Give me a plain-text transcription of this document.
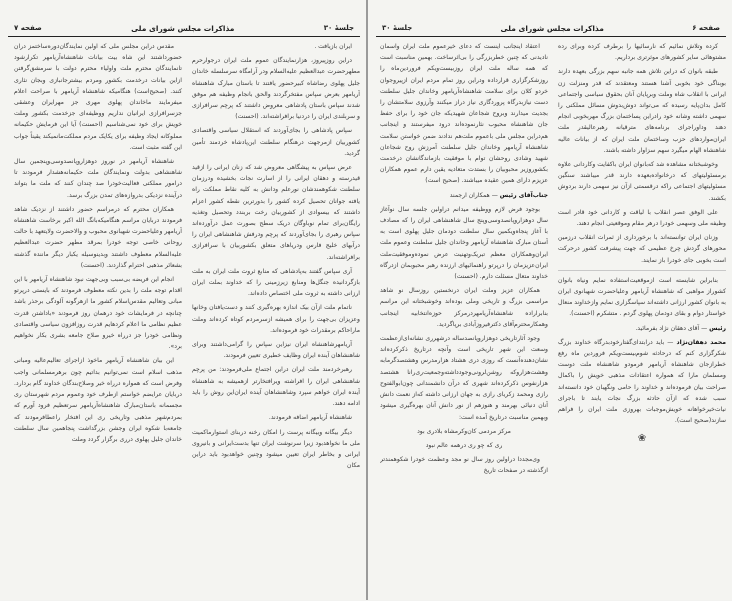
صفحه ۷	مذاکرات مجلس شورای ملی	جلسهٔ ۳۰

ایران بازیافت .

دراین روزپیروز، هزارنمایندگان عموم ملت ایران درجوارحرم مطهرحضرت عبدالعظیم علیه‌السلام ودر آرامگاه سرسلسله خاندان جلیل پهلوی رضاشاه کبیرحضور یافتند تا باستان مبارک شاهنشاه آریامهر بعرض سپاس مفتخرگردند والحق بانجام وظیفه هم موفق شدند سپاس باستان پادشاهی معروض داشتند که پرچم سرافرازی و سربلندی ایران را دردنیا برافراشته‌اند. (احسنت)

سپاس پادشاهی را بجای‌آوردند که استقلال سیاسی واقتصادی کشوربیان ازمرجهت درهنگام سلطنت این‌پادشاه خردمند تأمین گردید.

عرض سپاس به پیشگاهی معروض شد که زنان ایرانی را ازقید قیدرسته و دهقان ایرانی را از اسارت نجات بخشیده ودرزمان سلطنت شکوهمندشان نورعلم ودانش به کلیه نقاط مملکت راه یافته جوانان تحصیل کرده کشور را بدورترین نقطه کشور اعزام داشتند که بیسوادی از کشوربیان رخت بربندد وتحصیل وتغذیه رایگان‌برای تمام نوباوگان دریک سطح بصورت عمل درآورده‌اند سپاس رهبری را بجای‌آوردند که پرچم ودرفش شاهنشاهی ایران را درآبهای خلیج فارس ودریاهای متعلق بکشوربیان با سرافرازی برافراشته‌اند.

آری سپاس گفتند به‌پادشاهی که منابع ثروت ملت ایران به ملت بازگردانیده جنگل‌ها ومنابع زیرزمینی را که خداوند بملت ایران ارزانی داشته به ثروت ملی اختصاص داده‌اند.

ناتمام ملت ازآن بیک اندازه بهره‌گیری کنند و دست‌یافتان وخانها وعزیزان بی‌جهت را برای همیشه ازسرمردم کوتاه کرده‌اند وملت ماراحاکم برمقدرات خود فرموده‌اند.

آریامهرشاهنشاه ایران نیزاین سپاس را گرامی‌داشتند وبرای شاهنشاهان آینده ایران وظایف خطیری تعیین فرمودند.

رهبرخردمند ملت ایران دراین اجتماع ملی‌فرمودند: من پرچم شاهنشاهی ایران را افراشته ویرافتخارتر ازهمیشه به شاهنشاه آینده ایران خواهم سپرد وشاهنشاهان آینده ایران‌این روش را باید ادامه دهند.

شاهنشاه آریامهر اضافه فرمودند.

دیگر بیگانه وبیگانه پرست را امکان رخنه دربنای استوارماکمیت ملی ما نخواهدبود زیرا سرنوشت ایران تنها بدست‌ایرانی و بانیروی ایرانی و بخاطر ایران تعیین میشود وچنین خواهدبود باید دراین مکان

مقدس دراین مجلس ملی که اولین نمایندگان‌دوره‌ساختمز دران حضورداشتند این شاه بیت بیانات شاهنشاه‌آریامهر تکرارشود تانمایندگان محترم ملت واولیاء محترم دولت با سرمشق‌گرفتن ازاین بیانات درخدمت بکشور ومردم بیشترجانبازی وبجان نثاری کنند. (صحیح‌است) هنگامیکه شاهنشاه آریامهر با صراحت اعلام میفرمایند ماخاندان پهلوی مهری جز مهرایران وعشقی جزسرافرازی ایرانیان نداریم ووظیفه‌ای جزخدمت بکشور وملت خویش برای خود نمی‌شناسیم (احسنت) آیا این فرمایش حکیمانه مملوکانه ایجاد وظیفه برای یکایک مردم مملکت‌مانمیکند یقیناً جواب این گفته مثبت است.

شاهنشاه آریامهر در نوروز دوهزاروپانصدوسی‌وپنجمین سال شاهنشاهی بدولت ونمایندگان ملت حکیمانه‌هشدار فرمودند تا درامور مملکتی فعالیت‌خودرا صد چندان کنند که ملت ما بتواند درآینده نزدیکی بدروازه‌های تمدن بزرگ برسد.

همکاران محترم که درمراسم حضور داشتند از نزدیک شاهد فرمودند دربایان مراسم هنگامیکه‌بانگ الله اکبر برخاست شاهنشاه آریامهر وعلیاحضرت شهبانوی محبوب و والاحضرت ولایتعهد با حالت روحانی خاصی توجه خودرا بمرقد مطهر حضرت عبدالعظیم علیه‌السلام معطوف داشتند وبدینوسیله یکبار دیگر ماننده گذشته بشعائر مذهبی احترام گذاردند. (احسنت)

انجام این فریضه بی‌سبب وبی‌جهت نبود شاهنشاه آریامهر با این اقدام توجه ملت را بدین نکته معطوف فرمودند که بایستی درپرتو مبانی وتعالیم مقدس‌اسلام کشور ما ازهرگونه آلودگی برحذر باشد چنانچه در فرمایشات خود درهمان روز فرمودند «باداشتن قدرت عظیم نظامی ما اعلام کردهایم قدرت روزافزون سیاسی واقتصادی ونظامی خودرا جز درراه خیرو صلاح جامعه بشری بکار نخواهیم برد».

این بیان شاهنشاه آریامهر ماخوذ ازاجرای تعالیم‌عالیه ومبانی مذهب اسلام است نمی‌توانیم بداتیم چون برهرمسلمانی واجب وفرض است که همواره درراه خیر وصلاح‌بندگان خداوند گام بردارد. دربایان عرایضم خواستم ازطرف خود وعموم مردم شهرستان ری مجسمانه باستان‌مبارک شاهنشاه‌آریامهر سرتعظیم فرود آورم که بمردم‌شهر مذهبی وتاریخی ری این افتخار راعطافرمودند که جامعه‌با شکوه ایران وجشن بزرگداشت پنجاهمین سال سلطنت خاندان جلیل پهلوی درری برگزار گردد وملت

جلسهٔ ۳۰	مذاکرات مجلس شورای ملی	صفحه ۶

کرده وتلاش نمائیم که نارسائیها را برطرف کرده وبرای رده مشتوهائی سایر کشورهای موثرتری برداریم.

طبقه بانوان که دراین تلاش همه جانبه سهم بزرگی بعهده دارند بوبناگی خود بخوبی آشنا هستند ومعتقدند که قدر ومنزلت زن ایرانی با انقلاب شاه وملت وبرپایان آنان بحقوق سیاسی واجتماعی کامل بدان‌پایه رسیده که می‌تواند دوش‌بدوش مسائل مملکتی را سهمی داشته وشانه خود رادراین پساختمان بزرگ مهربخوبی انجام دهند وداوراجرای برنامه‌های مترقیانه رهبرعالیقدر ملت ایران‌مواردهای حزب وساختمان ملت ایران که از بیانات عالیه شاهنشاه الهام میگیرد سهم سزاوار داشته باشند.

وخوشبختانه مشاهده شد که‌بانوان ایران باکفایت وکاردانی علاوه برمسئولیتهای که درخانواده‌بعهده دارند قدر میباشند سنگین مسئولیتهای اجتماعی راکه درقسمتی ازآن نیز سهمی دارند بردوش بکشند.

علی الوفق عصر انقلاب با لیاقت و کاردانی خود قادر است وظیفه ملی وسهمی خودرا درهر مقام وموقعیتی انجام دهند.

وزنان ایران توانسته‌اند با برخورداری از ثمرات انقلاب درزمین محورهای گردش چرخ عظیمی که جهت پیشرفت کشور درحرکت است بخوبی جای خودرا باز نمایند.

بنابراین شایسته است ازموقعیت‌استفاده نمایم ونیاه بانوان کشوراز مواهبی که شاهنشاه آریامهر وعلیاحضرت شهبانوی ایران به بانوان کشور ارزانی داشته‌اند سپاسگزاری نمایم وازخداوند منعال خواستار دوام و بقای دودمان پهلوی گردم . متشکرم (احسنت).

رئیس — آقای دهقان نژاد بفرمائید.

محمد دهقان‌نژاد — باید درابتدای‌گفتارخودبدرگاه خداوند بزرگ شکرگزاری کنم که درحادثه شوم‌بیست‌ویکم فروردین ماه رفع خطرازجان شاهنشاه آریامهر فرمودو شاهنشاه ملت دوست ومسلمان مارا که همواره اعتقادات مذهبی خویش را باکمال صراحت بیان فرموده‌اند و خداوند را حامی ونگهبان خود دانسته‌اند سبب شده که ازآن حادثه بزرگ نجات یابند تا باجرای نیات‌خیرخواهانه خویش‌موجبات بهروزی ملت ایران را فراهم سازند(صحیح است).

❀

اعتقاد اینجانب اینست که دعای خیرعموم ملت ایران واسمان نادیدنی که چنین خطربزرگی را بی‌اثرساخت. بهمین مناسبت است که همه ساله ملت ایران روزبیست‌ویکم فروردین‌ماه را روزشکرگزاری قرارداده ودراین روز تمام مردم ایران ازپیروجوان خردو کلان برای سلامت شاهنشاه‌آریامهر وخاندان جلیل سلطنت دست نیازبدرگاه پروردگاری نیاز دراز میکنند وآرزوی سلامتشان را بجدیت میدارند وبروح شجاعان شهیدیکه جان خود را برای حفظ جان شاهنشاه محبوب نثارنموده‌اند درود میفرستند و اینجانب هم‌دراین مجلس ملی باعموم ملت‌هم ندادند ضمن خواستن سلامت شاهنشاه آریامهر وخاندان جلیل سلطنت آمرزش روح شجاعان شهید وشادی روحشان توام با موفقیت بازماندگانشان درخدمت بکشوروزیر محبوبیان را بستدت متعادیه یقین دارم عموم همکاران عزیزم دارای همین عقیده میباشند. (صحیح است)

جناب‌آقای رئیس — همکاران ارجمند

بوجود فرض لازم ووظیفه میدانم دراولین جلسه سال نوآغاز سال دوهزاروپانصدوسی‌وپنج سال شاهنشاهی ایران را که مصادف با آغاز پنجاه‌ویکمین سال سلطنت دودمان جلیل پهلوی است به آستان مبارک شاهنشاه آریامهر وخاندان جلیل سلطنت وعموم ملت ایران‌وهمکاران معظم تبریک‌وتهنیت عرض نموده‌وموفقیت‌ملت ایران‌عزیزمان را درپرتو راهنمائیهای ارزنده رهبر محبوبمان ازدرگاه خداوند متعال مسئلت دارم. (احسنت)

همکاران عزیز وملت ایران درنخستین روزسال نو شاهد مراسمی بزرگ و تاریخی وملی بوده‌اند وخوشبختانه این مراسم بنابراراده شاهنشاه‌آریامهردرمرکز حوزه‌انتخابیه اینجانب وهمکارمحترم‌آقای دکترفیروزآبادی برپاگردید.

وجود آثارتاریخی دوهزاروپانصدساله درشهرری نشانه‌ای‌ازعظمت وسعت این شهر تاریخی است وآنچه درتاریخ ذکرکرده‌اند نشان‌دهنده‌آنست که روزی دری هشتاد هزارمدرس وهشتصدگرمابه وهشت‌هزاروکه روشن‌لرونی‌وجودداشته‌وجمعیت‌ری‌رانا هشتصد هزارنفوس ذکرکرده‌اند شهری که درآن دانشمندانی چون‌ابوالفتوح رازی ومحمد زکریای رازی به جهان ارزانی داشته که‌از نعمت دانش آنان دنیائی بهرمند و هنوزهم از نور دانش آنان بهره‌گیری میشود وبهمین مناسبت درتاریخ آمده است:

مرکز مردمی کان‌وکرمشاه بلادری بود

ری که چو ری درهمه عالم نبود

وی‌مجددا دراولین روز سال نو مجد وعظمت خودرا شکوهمندتر ازگذشته در صفحات تاریخ
